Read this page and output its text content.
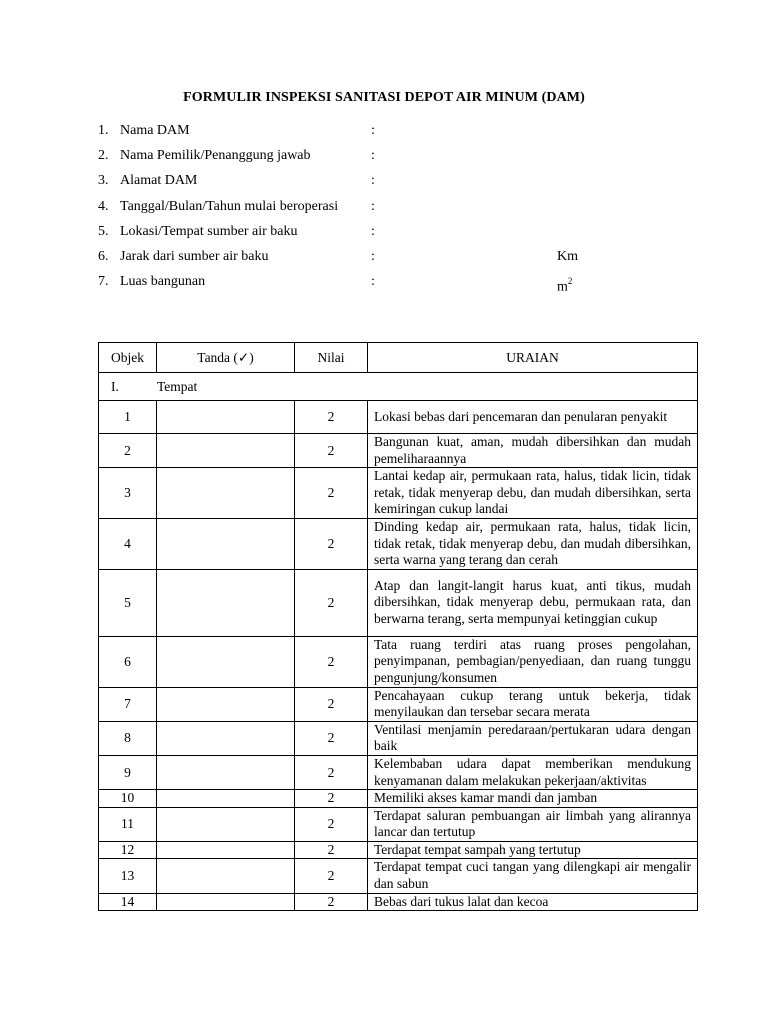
FORMULIR INSPEKSI SANITASI DEPOT AIR MINUM (DAM)
1. Nama DAM	:
2. Nama Pemilik/Penanggung jawab	:
3. Alamat DAM	:
4. Tanggal/Bulan/Tahun mulai beroperasi :
5. Lokasi/Tempat sumber air baku	:
6. Jarak dari sumber air baku	:	Km
7. Luas bangunan	:	$m^2$
Objek	Tanda (✓)	Nilai	URAIAN
I. Tempat			
1		2	Lokasi bebas dari pencemaran dan penularan penyakit
2		2	Bangunan kuat, aman, mudah dibersihkan dan mudah pemeliharaannya
3		2	Lantai kedap air, permukaan rata, halus, tidak licin, tidak retak, tidak menyerap debu, dan mudah dibersihkan, serta kemiringan cukup landai
4		2	Dinding kedap air, permukaan rata, halus, tidak licin, tidak retak, tidak menyerap debu, dan mudah dibersihkan, serta warna yang terang dan cerah
5		2	Atap dan langit-langit harus kuat, anti tikus, mudah dibersihkan, tidak menyerap debu, permukaan rata, dan berwarna terang, serta mempunyai ketinggian cukup
6		2	Tata ruang terdiri atas ruang proses pengolahan, penyimpanan, pembagian/penyediaan, dan ruang tunggu pengunjung/konsumen
7		2	Pencahayaan cukup terang untuk bekerja, tidak menyilaukan dan tersebar secara merata
8		2	Ventilasi menjamin peredaraan/pertukaran udara dengan baik
9		2	Kelembaban udara dapat memberikan mendukung kenyamanan dalam melakukan pekerjaan/aktivitas
10		2	Memiliki akses kamar mandi dan jamban
11		2	Terdapat saluran pembuangan air limbah yang alirannya lancar dan tertutup
12		2	Terdapat tempat sampah yang tertutup
13		2	Terdapat tempat cuci tangan yang dilengkapi air mengalir dan sabun
14		2	Bebas dari tukus lalat dan kecoa
